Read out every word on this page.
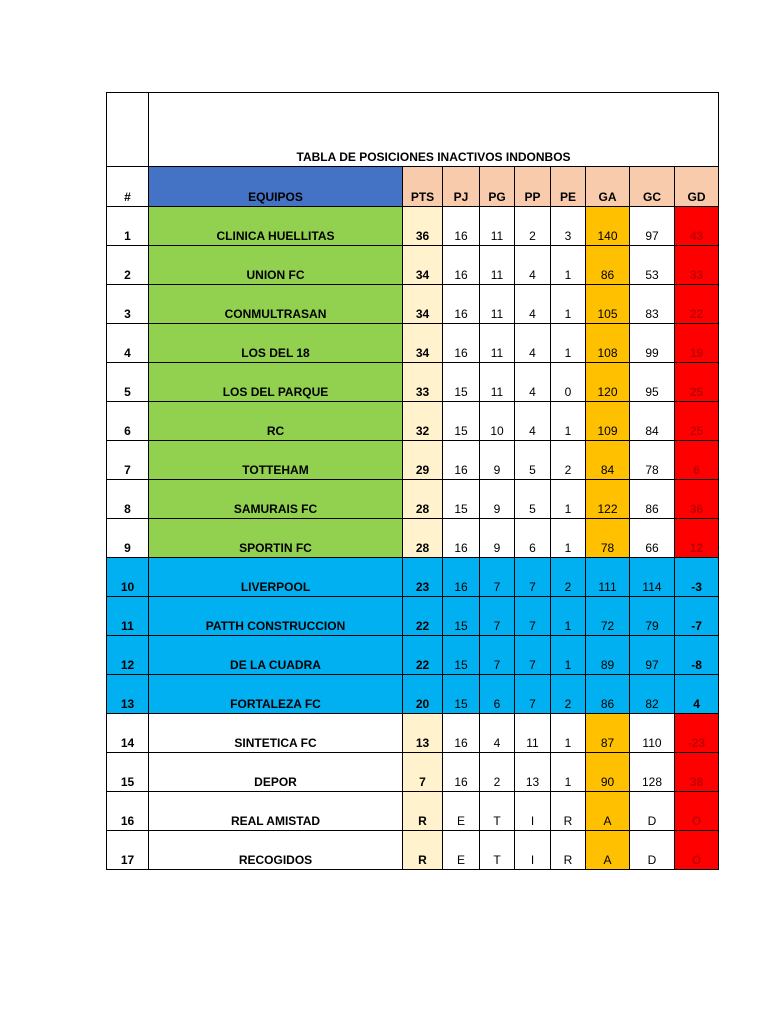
	TABLA DE POSICIONES INACTIVOS INDONBOS								
#	EQUIPOS	PTS	PJ	PG	PP	PE	GA	GC	GD
1	CLINICA HUELLITAS	36	16	11	2	3	140	97	43
2	UNION FC	34	16	11	4	1	86	53	33
3	CONMULTRASAN	34	16	11	4	1	105	83	22
4	LOS DEL 18	34	16	11	4	1	108	99	19
5	LOS DEL PARQUE	33	15	11	4	0	120	95	25
6	RC	32	15	10	4	1	109	84	25
7	TOTTEHAM	29	16	9	5	2	84	78	6
8	SAMURAIS FC	28	15	9	5	1	122	86	36
9	SPORTIN FC	28	16	9	6	1	78	66	12
10	LIVERPOOL	23	16	7	7	2	111	114	-3
11	PATTH CONSTRUCCION	22	15	7	7	1	72	79	-7
12	DE LA CUADRA	22	15	7	7	1	89	97	-8
13	FORTALEZA FC	20	15	6	7	2	86	82	4
14	SINTETICA FC	13	16	4	11	1	87	110	-23
15	DEPOR	7	16	2	13	1	90	128	38
16	REAL AMISTAD	R	E	T	I	R	A	D	O
17	RECOGIDOS	R	E	T	I	R	A	D	O
